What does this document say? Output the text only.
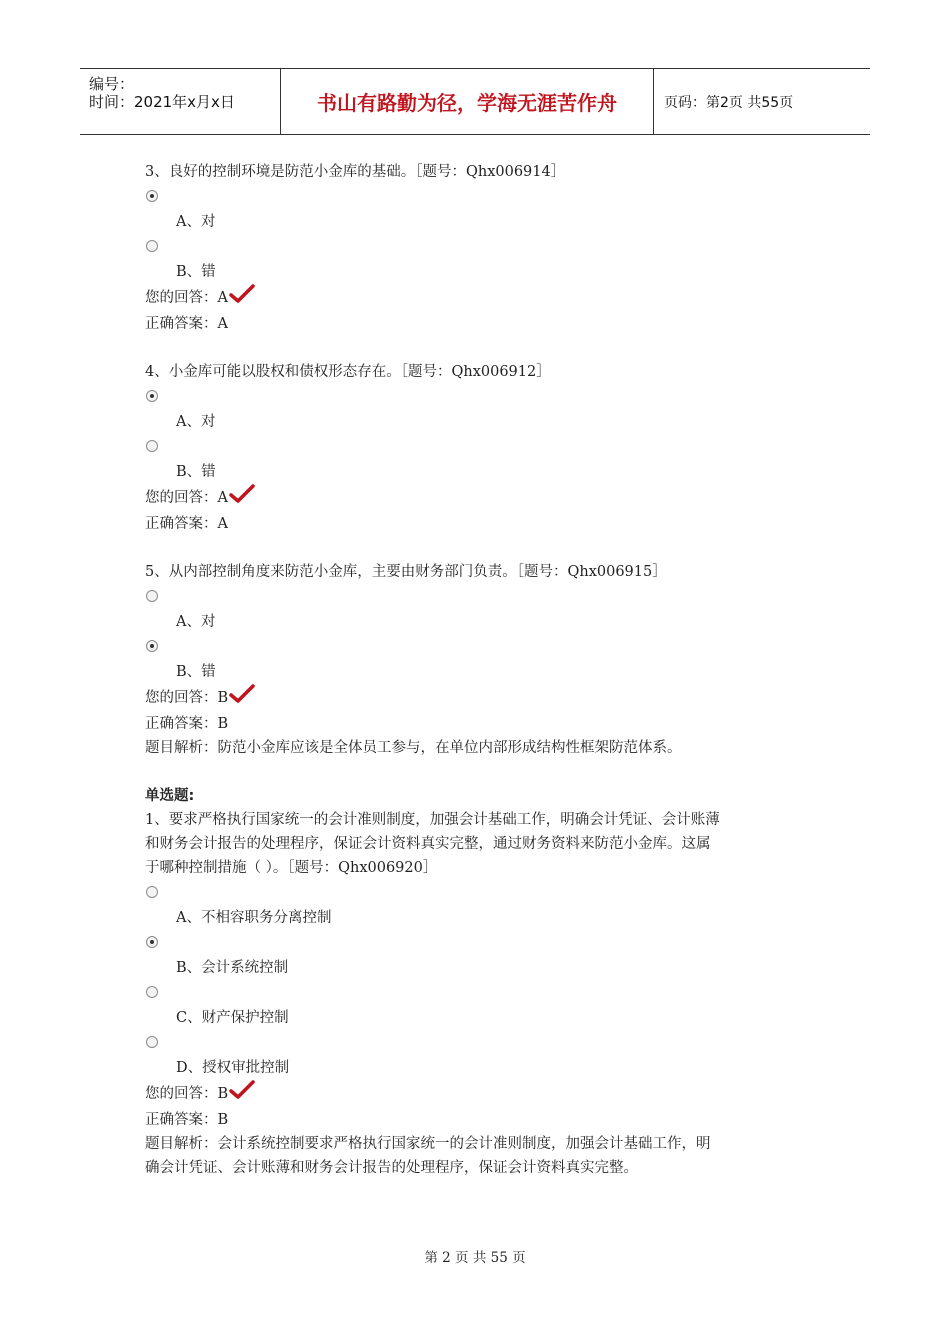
编号：
时间：2021年x月x日	书山有路勤为径，学海无涯苦作舟	页码：第2页 共55页

3、良好的控制环境是防范小金库的基础。［题号：Qhx006914］

A、对
B、错

您的回答：A

正确答案：A

4、小金库可能以股权和债权形态存在。［题号：Qhx006912］

A、对
B、错

您的回答：A

正确答案：A

5、从内部控制角度来防范小金库，主要由财务部门负责。［题号：Qhx006915］

A、对
B、错

您的回答：B

正确答案：B

题目解析：防范小金库应该是全体员工参与，在单位内部形成结构性框架防范体系。

单选题:

1、要求严格执行国家统一的会计准则制度，加强会计基础工作，明确会计凭证、会计账薄

和财务会计报告的处理程序，保证会计资料真实完整，通过财务资料来防范小金库。这属

于哪种控制措施（ ）。［题号：Qhx006920］

A、不相容职务分离控制
B、会计系统控制
C、财产保护控制
D、授权审批控制

您的回答：B

正确答案：B

题目解析：会计系统控制要求严格执行国家统一的会计准则制度，加强会计基础工作，明

确会计凭证、会计账薄和财务会计报告的处理程序，保证会计资料真实完整。

第 2 页 共 55 页
